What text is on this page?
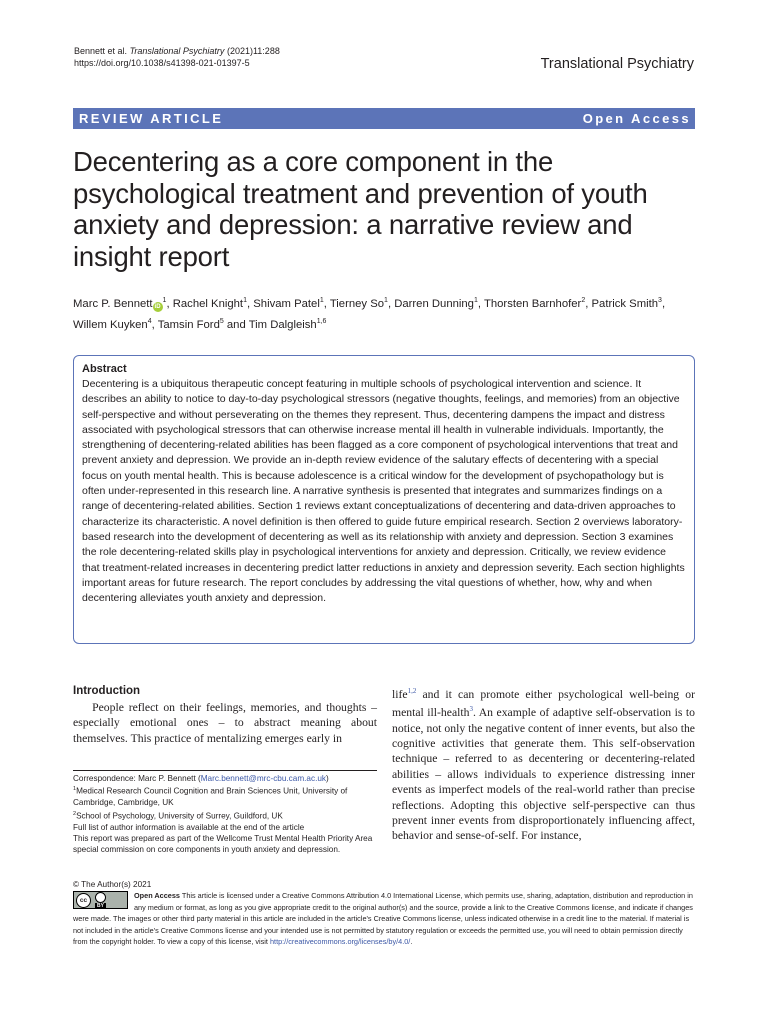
Bennett et al. Translational Psychiatry (2021)11:288
https://doi.org/10.1038/s41398-021-01397-5	Translational Psychiatry
REVIEW ARTICLE	Open Access
Decentering as a core component in the psychological treatment and prevention of youth anxiety and depression: a narrative review and insight report
Marc P. Bennett $iD^1$, Rachel Knight$^1$, Shivam Patel$^1$, Tierney So$^1$, Darren Dunning$^1$, Thorsten Barnhofer$^2$, Patrick Smith$^3$,
Willem Kuyken$^4$, Tamsin Ford$^5$ and Tim Dalgleish$^{1,6}$
Abstract

Decentering is a ubiquitous therapeutic concept featuring in multiple schools of psychological intervention and science. It describes an ability to notice to day-to-day psychological stressors (negative thoughts, feelings, and memories) from an objective self-perspective and without perseverating on the themes they represent. Thus, decentering dampens the impact and distress associated with psychological stressors that can otherwise increase mental ill health in vulnerable individuals. Importantly, the strengthening of decentering-related abilities has been flagged as a core component of psychological interventions that treat and prevent anxiety and depression. We provide an in-depth review evidence of the salutary effects of decentering with a special focus on youth mental health. This is because adolescence is a critical window for the development of psychopathology but is often under-represented in this research line. A narrative synthesis is presented that integrates and summarizes findings on a range of decentering-related abilities. Section 1 reviews extant conceptualizations of decentering and data-driven approaches to characterize its characteristic. A novel definition is then offered to guide future empirical research. Section 2 overviews laboratory-based research into the development of decentering as well as its relationship with anxiety and depression. Section 3 examines the role decentering-related skills play in psychological interventions for anxiety and depression. Critically, we review evidence that treatment-related increases in decentering predict latter reductions in anxiety and depression severity. Each section highlights important areas for future research. The report concludes by addressing the vital questions of whether, how, why and when decentering alleviates youth anxiety and depression.

Introduction
People reflect on their feelings, memories, and thoughts – especially emotional ones – to abstract meaning about themselves. This practice of mentalizing emerges early in
life$^{1,2}$ and it can promote either psychological well-being or mental ill-health$^3$. An example of adaptive self-observation is to notice, not only the negative content of inner events, but also the cognitive activities that generate them. This self-observation technique – referred to as decentering or decentering-related abilities – allows individuals to experience distressing inner events as imperfect models of the real-world rather than precise reflections. Adopting this objective self-perspective can thus prevent inner events from disproportionately influencing affect, behavior and sense-of-self. For instance,
Correspondence: Marc P. Bennett (Marc.bennett@mrc-cbu.cam.ac.uk)
$^1$Medical Research Council Cognition and Brain Sciences Unit, University of Cambridge, Cambridge, UK
$^2$School of Psychology, University of Surrey, Guildford, UK
Full list of author information is available at the end of the article
This report was prepared as part of the Wellcome Trust Mental Health Priority Area special commission on core components in youth anxiety and depression.
© The Author(s) 2021
cc
BY
Open Access This article is licensed under a Creative Commons Attribution 4.0 International License, which permits use, sharing, adaptation, distribution and reproduction in any medium or format, as long as you give appropriate credit to the original author(s) and the source, provide a link to the Creative Commons license, and indicate if changes were made. The images or other third party material in this article are included in the article's Creative Commons license, unless indicated otherwise in a credit line to the material. If material is not included in the article's Creative Commons license and your intended use is not permitted by statutory regulation or exceeds the permitted use, you will need to obtain permission directly from the copyright holder. To view a copy of this license, visit http://creativecommons.org/licenses/by/4.0/.
